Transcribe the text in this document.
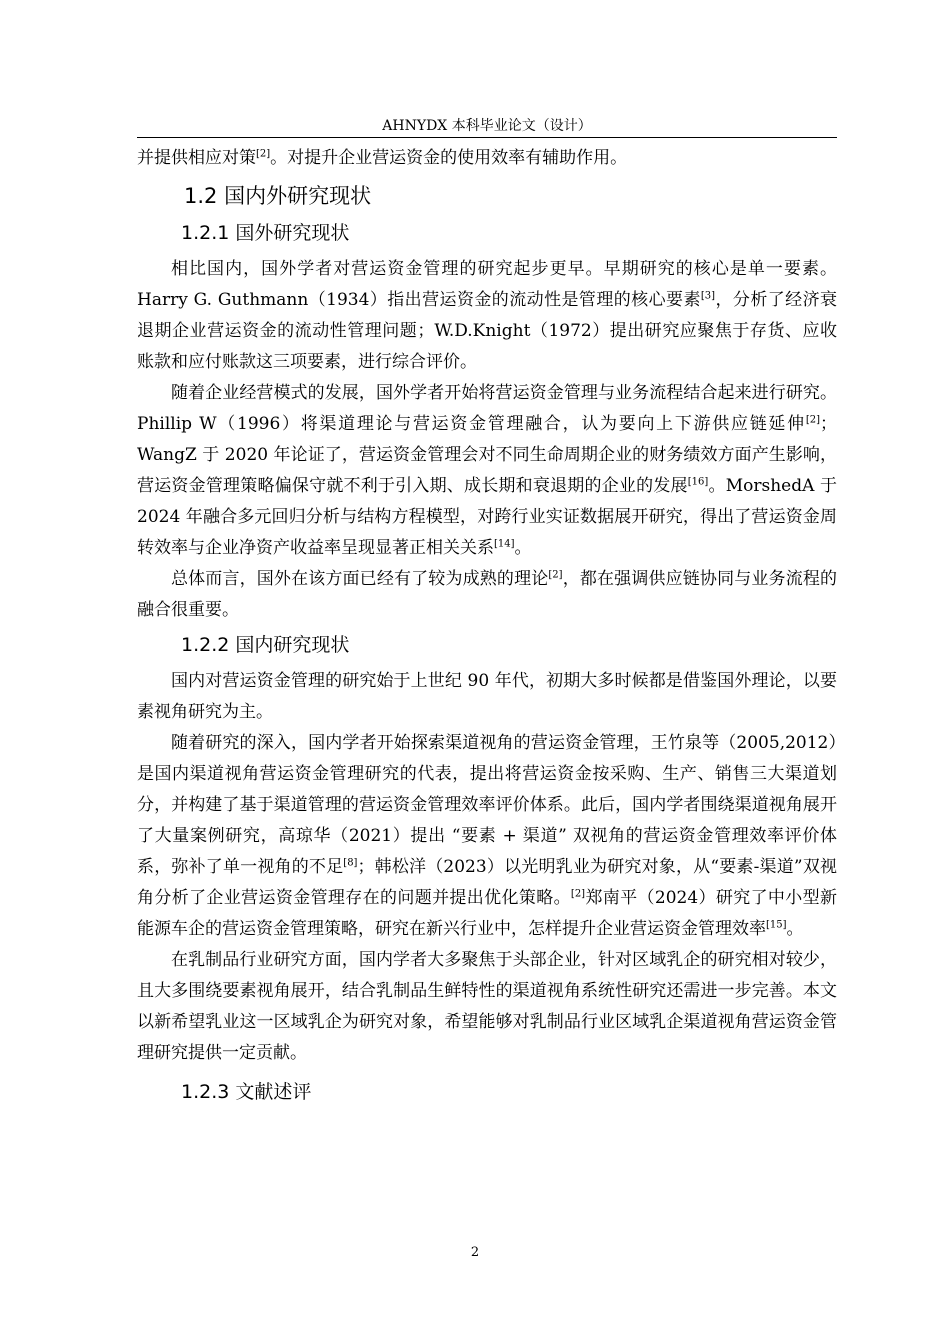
AHNYDX 本科毕业论文（设计）

并提供相应对策[2]。对提升企业营运资金的使用效率有辅助作用。

1.2 国内外研究现状
1.2.1 国外研究现状

相比国内，国外学者对营运资金管理的研究起步更早。早期研究的核心是单一要素。Harry G. Guthmann（1934）指出营运资金的流动性是管理的核心要素[3]，分析了经济衰退期企业营运资金的流动性管理问题；W.D.Knight（1972）提出研究应聚焦于存货、应收账款和应付账款这三项要素，进行综合评价。

随着企业经营模式的发展，国外学者开始将营运资金管理与业务流程结合起来进行研究。Phillip W（1996）将渠道理论与营运资金管理融合，认为要向上下游供应链延伸[2]；WangZ 于 2020 年论证了，营运资金管理会对不同生命周期企业的财务绩效方面产生影响，营运资金管理策略偏保守就不利于引入期、成长期和衰退期的企业的发展[16]。MorshedA 于 2024 年融合多元回归分析与结构方程模型，对跨行业实证数据展开研究，得出了营运资金周转效率与企业净资产收益率呈现显著正相关关系[14]。

总体而言，国外在该方面已经有了较为成熟的理论[2]，都在强调供应链协同与业务流程的融合很重要。

1.2.2 国内研究现状

国内对营运资金管理的研究始于上世纪 90 年代，初期大多时候都是借鉴国外理论，以要素视角研究为主。

随着研究的深入，国内学者开始探索渠道视角的营运资金管理，王竹泉等（2005,2012）是国内渠道视角营运资金管理研究的代表，提出将营运资金按采购、生产、销售三大渠道划分，并构建了基于渠道管理的营运资金管理效率评价体系。此后，国内学者围绕渠道视角展开了大量案例研究，高琼华（2021）提出 “要素 + 渠道” 双视角的营运资金管理效率评价体系，弥补了单一视角的不足[8]；韩松洋（2023）以光明乳业为研究对象，从“要素-渠道”双视角分析了企业营运资金管理存在的问题并提出优化策略。[2]郑南平（2024）研究了中小型新能源车企的营运资金管理策略，研究在新兴行业中，怎样提升企业营运资金管理效率[15]。

在乳制品行业研究方面，国内学者大多聚焦于头部企业，针对区域乳企的研究相对较少，且大多围绕要素视角展开，结合乳制品生鲜特性的渠道视角系统性研究还需进一步完善。本文以新希望乳业这一区域乳企为研究对象，希望能够对乳制品行业区域乳企渠道视角营运资金管理研究提供一定贡献。

1.2.3 文献述评
2
